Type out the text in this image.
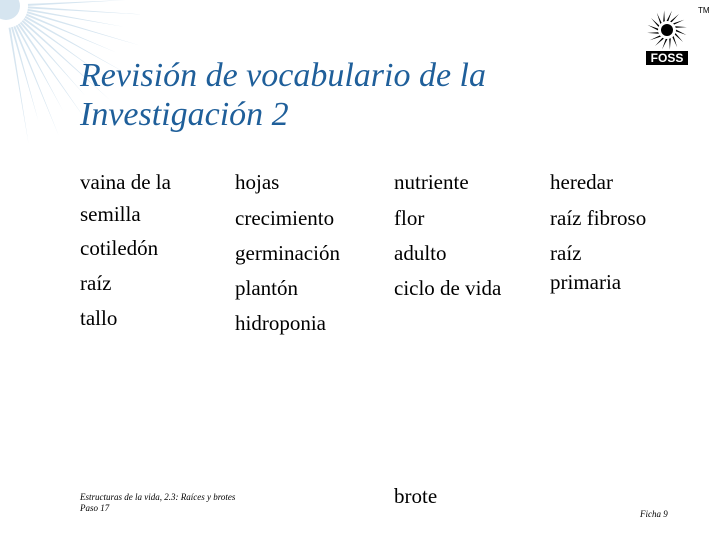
FOSS
TM
Revisión de vocabulario de la
Investigación 2
vaina de la
semilla
cotiledón
raíz
tallo
hojas
crecimiento
germinación
plantón
hidroponia
nutriente
flor
adulto
ciclo de vida
heredar
raíz fibroso
raíz
primaria
brote
Estructuras de la vida, 2.3: Raíces y brotes
Paso 17
Ficha 9
